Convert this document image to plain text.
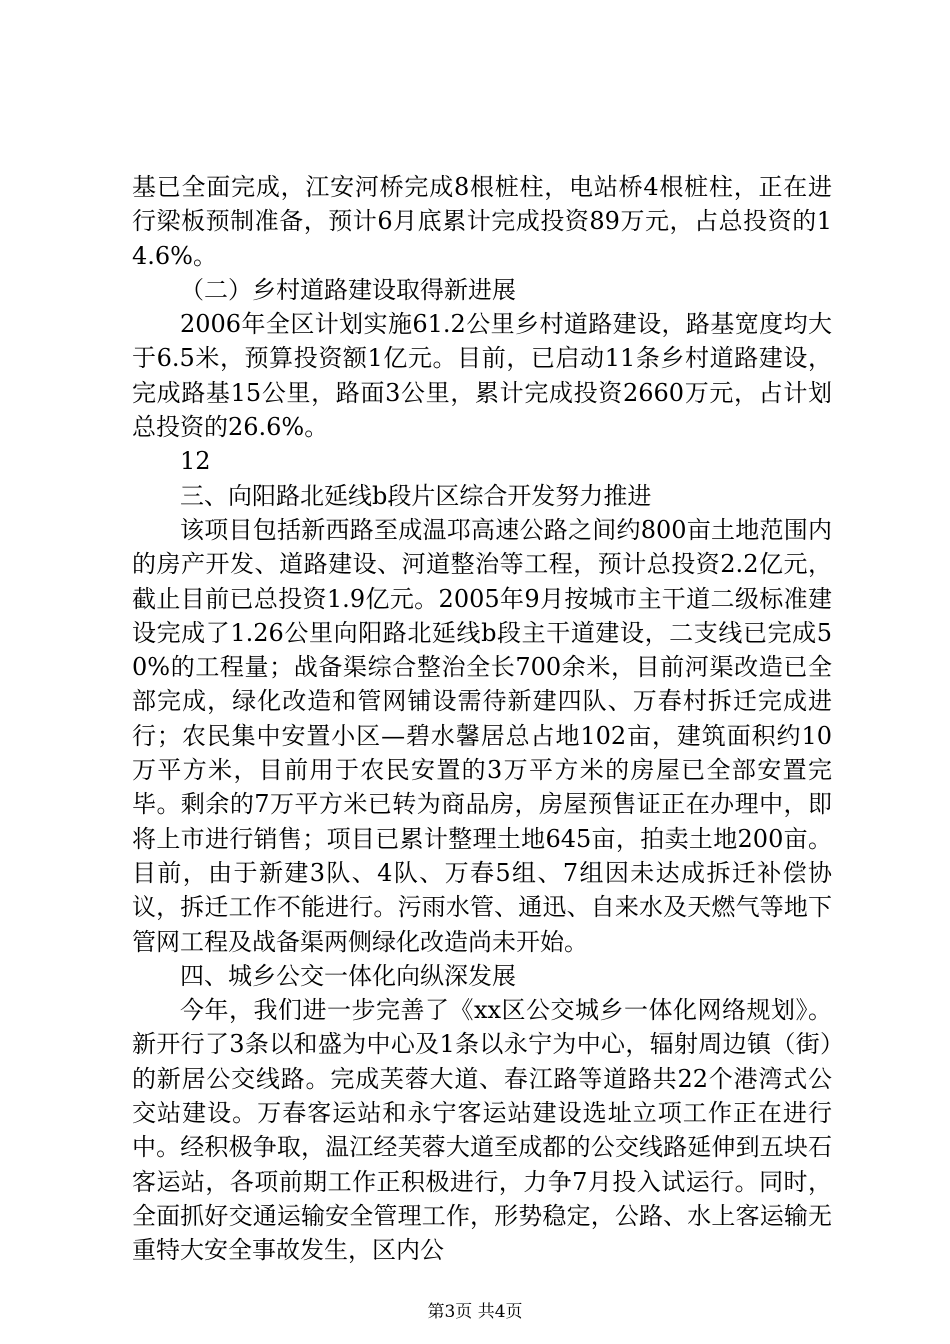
基已全面完成，江安河桥完成8根桩柱，电站桥4根桩柱，正在进行梁板预制准备，预计6月底累计完成投资89万元，占总投资的14.6%。

（二）乡村道路建设取得新进展

2006年全区计划实施61.2公里乡村道路建设，路基宽度均大于6.5米，预算投资额1亿元。目前，已启动11条乡村道路建设，完成路基15公里，路面3公里，累计完成投资2660万元，占计划总投资的26.6%。

12

三、向阳路北延线b段片区综合开发努力推进

该项目包括新西路至成温邛高速公路之间约800亩土地范围内的房产开发、道路建设、河道整治等工程，预计总投资2.2亿元，截止目前已总投资1.9亿元。2005年9月按城市主干道二级标准建设完成了1.26公里向阳路北延线b段主干道建设，二支线已完成50%的工程量；战备渠综合整治全长700余米，目前河渠改造已全部完成，绿化改造和管网铺设需待新建四队、万春村拆迁完成进行；农民集中安置小区—碧水馨居总占地102亩，建筑面积约10万平方米，目前用于农民安置的3万平方米的房屋已全部安置完毕。剩余的7万平方米已转为商品房，房屋预售证正在办理中，即将上市进行销售；项目已累计整理土地645亩，拍卖土地200亩。目前，由于新建3队、4队、万春5组、7组因未达成拆迁补偿协议，拆迁工作不能进行。污雨水管、通迅、自来水及天燃气等地下管网工程及战备渠两侧绿化改造尚未开始。

四、城乡公交一体化向纵深发展

今年，我们进一步完善了《xx区公交城乡一体化网络规划》。新开行了3条以和盛为中心及1条以永宁为中心，辐射周边镇（街）的新居公交线路。完成芙蓉大道、春江路等道路共22个港湾式公交站建设。万春客运站和永宁客运站建设选址立项工作正在进行中。经积极争取，温江经芙蓉大道至成都的公交线路延伸到五块石客运站，各项前期工作正积极进行，力争7月投入试运行。同时，全面抓好交通运输安全管理工作，形势稳定，公路、水上客运输无重特大安全事故发生，区内公

第3页 共4页
